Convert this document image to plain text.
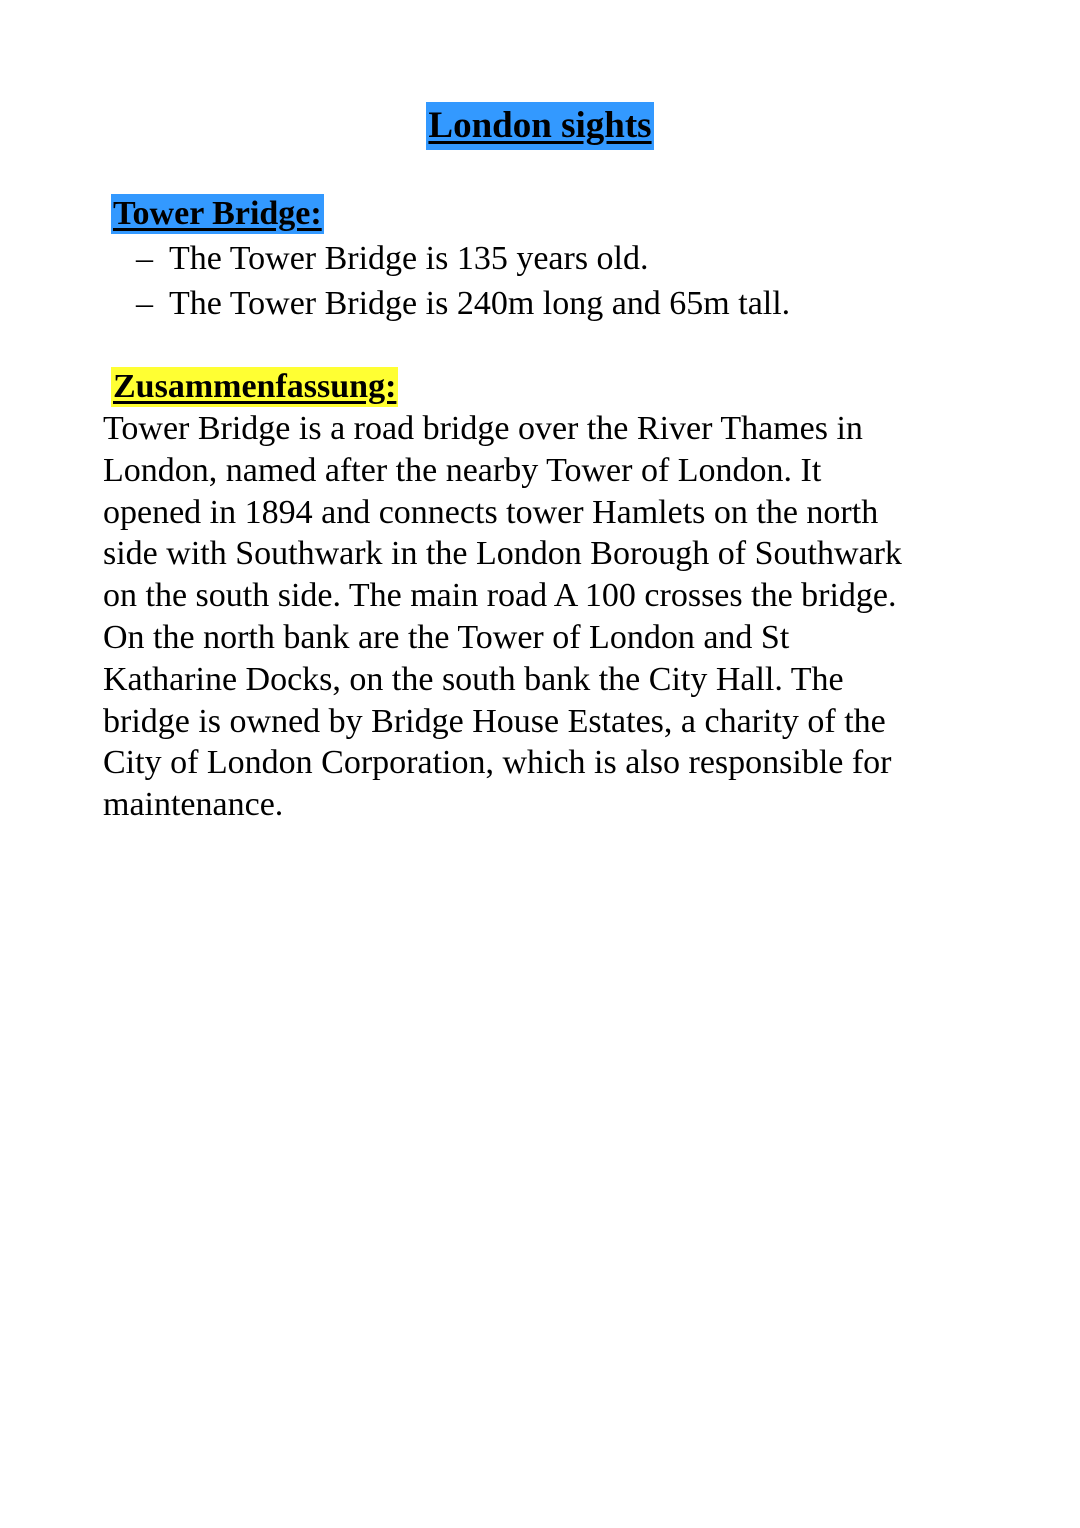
London sights
Tower Bridge:
– The Tower Bridge is 135 years old.
– The Tower Bridge is 240m long and 65m tall.
Zusammenfassung:

Tower Bridge is a road bridge over the River Thames in
London, named after the nearby Tower of London. It
opened in 1894 and connects tower Hamlets on the north
side with Southwark in the London Borough of Southwark
on the south side. The main road A 100 crosses the bridge.
On the north bank are the Tower of London and St
Katharine Docks, on the south bank the City Hall. The
bridge is owned by Bridge House Estates, a charity of the
City of London Corporation, which is also responsible for
maintenance.
